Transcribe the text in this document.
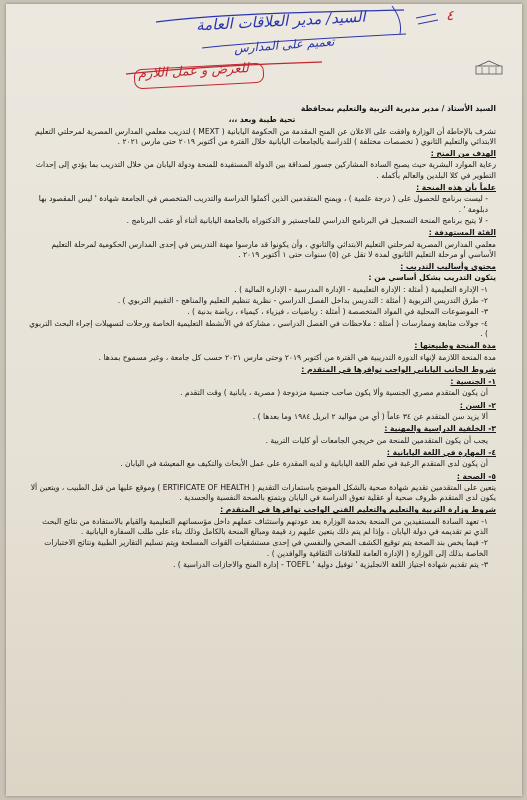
السيد/ مدير العلاقات العامة
للعرض و عمل اللازم
تعميم على المدارس
٤

السيد الأستاذ / مدير مديرية التربية والتعليم بمحافظة

تحية طيبة وبعد ،،،

تشرف بالإحاطة أن الوزارة وافقت على الاعلان عن المنح المقدمة من الحكومة اليابانية ( MEXT ) لتدريب معلمي المدارس المصرية لمرحلتي التعليم الابتدائي والتعليم الثانوي ( تخصصات مختلفة ) للدراسة بالجامعات اليابانية خلال الفترة من أكتوبر ٢٠١٩ حتى مارس ٢٠٢١ .

الهدف من المنح :

رعاية الموارد البشرية حيث يصبح السادة المشاركين جسور لصداقة بين الدولة المستفيدة للمنحة ودولة اليابان من خلال التدريب بما يؤدي إلى إحداث التطوير في كلا البلدين والعالم بأكمله .

علماً بأن هذه المنحة :

- ليست برنامج للحصول على ( درجة علمية ) ، ويمنح المتقدمين الذين أكملوا الدراسة والتدريب المتخصص في الجامعة شهادة ' ليس المقصود بها دبلومة ' .

- لا يتيح برنامج المنحة التسجيل في البرنامج الدراسي للماجستير و الدكتوراه بالجامعة اليابانية أثناء أو عقب البرنامج .

الفئة المستهدفة :

معلمي المدارس المصرية لمرحلتي التعليم الابتدائي والثانوي ، وأن يكونوا قد مارسوا مهنة التدريس في إحدى المدارس الحكومية لمرحلة التعليم الأساسي أو مرحلة التعليم الثانوي لمدة لا تقل عن (٥) سنوات حتى ١ أكتوبر ٢٠١٩ .

محتوى وأساليب التدريب :

يتكون التدريب بشكل أساسي من :

١- الإدارة التعليمية ( أمثلة : الإدارة التعليمية - الإدارة المدرسية - الإدارة المالية ) .

٢- طرق التدريس التربوية ( أمثلة : التدريس بداخل الفصل الدراسي - نظرية تنظيم التعليم والمناهج - التقييم التربوي ) .

٣- الموضوعات المحلية في المواد المتخصصة ( أمثلة : رياضيات ، فيزياء ، كيمياء ، رياضة بدنية ) .

٤- جولات متابعة وممارسات ( أمثلة : ملاحظات في الفصل الدراسي ، مشاركة في الأنشطة التعليمية الخاصة ورحلات لتسهيلات إجراء البحث التربوي ) .

مدة المنحة وطبيعتها :

مدة المنحة اللازمة لإنهاء الدورة التدريبية هي الفترة من أكتوبر ٢٠١٩ وحتى مارس ٢٠٢١ حسب كل جامعة ، وغير مسموح بمدها .

شروط الجانب الياباني الواجب توافرها في المتقدم :

١- الجنسية :

أن يكون المتقدم مصري الجنسية وألا يكون صاحب جنسية مزدوجة ( مصرية ، يابانية ) وقت التقدم .

٢- السن :

ألا يزيد سن المتقدم عن ٣٤ عاماً ( أي من مواليد ٢ ابريل ١٩٨٤ وما بعدها ) .

٣- الخلفية الدراسية والمهنية :

يجب أن يكون المتقدمين للمنحة من خريجي الجامعات أو كليات التربية .

٤- المهارة في اللغة اليابانية :

أن يكون لدى المتقدم الرغبة في تعلم اللغة اليابانية و لديه المقدرة على عمل الأبحاث والتكيف مع المعيشة في اليابان .

٥- الصحة :

يتعين على المتقدمين تقديم شهادة صحية بالشكل الموضح باستمارات التقديم ( ERTIFICATE OF HEALTH ) وموقع عليها من قبل الطبيب ، ويتعين ألا يكون لدى المتقدم ظروف صحية أو عقلية تعوق الدراسة في اليابان ويتمتع بالصحة النفسية والجسدية .

شروط وزارة التربية والتعليم والتعليم الفني الواجب توافرها في المتقدم :

١- تعهد السادة المستفيدين من المنحة بخدمة الوزارة بعد عودتهم واستئناف عملهم داخل مؤسساتهم التعليمية والقيام بالاستفادة من نتائج البحث الذي تم تقديمه في دولة اليابان ، وإذا لم يتم ذلك يتعين عليهم رد قيمة ومبالغ المنحة بالكامل وذلك بناء على طلب السفارة اليابانية .

٢- فيما يخص بند الصحة يتم توقيع الكشف الصحي والنفسي في إحدى مستشفيات القوات المسلحة ويتم تسليم التقارير الطبية ونتائج الاختبارات الخاصة بذلك إلى الوزارة ( الإدارة العامة للعلاقات الثقافية والوافدين ) .

٣- يتم تقديم شهادة اجتياز اللغة الانجليزية ' توفيل دولية ' TOEFL - إدارة المنح والاجازات الدراسية ) .
